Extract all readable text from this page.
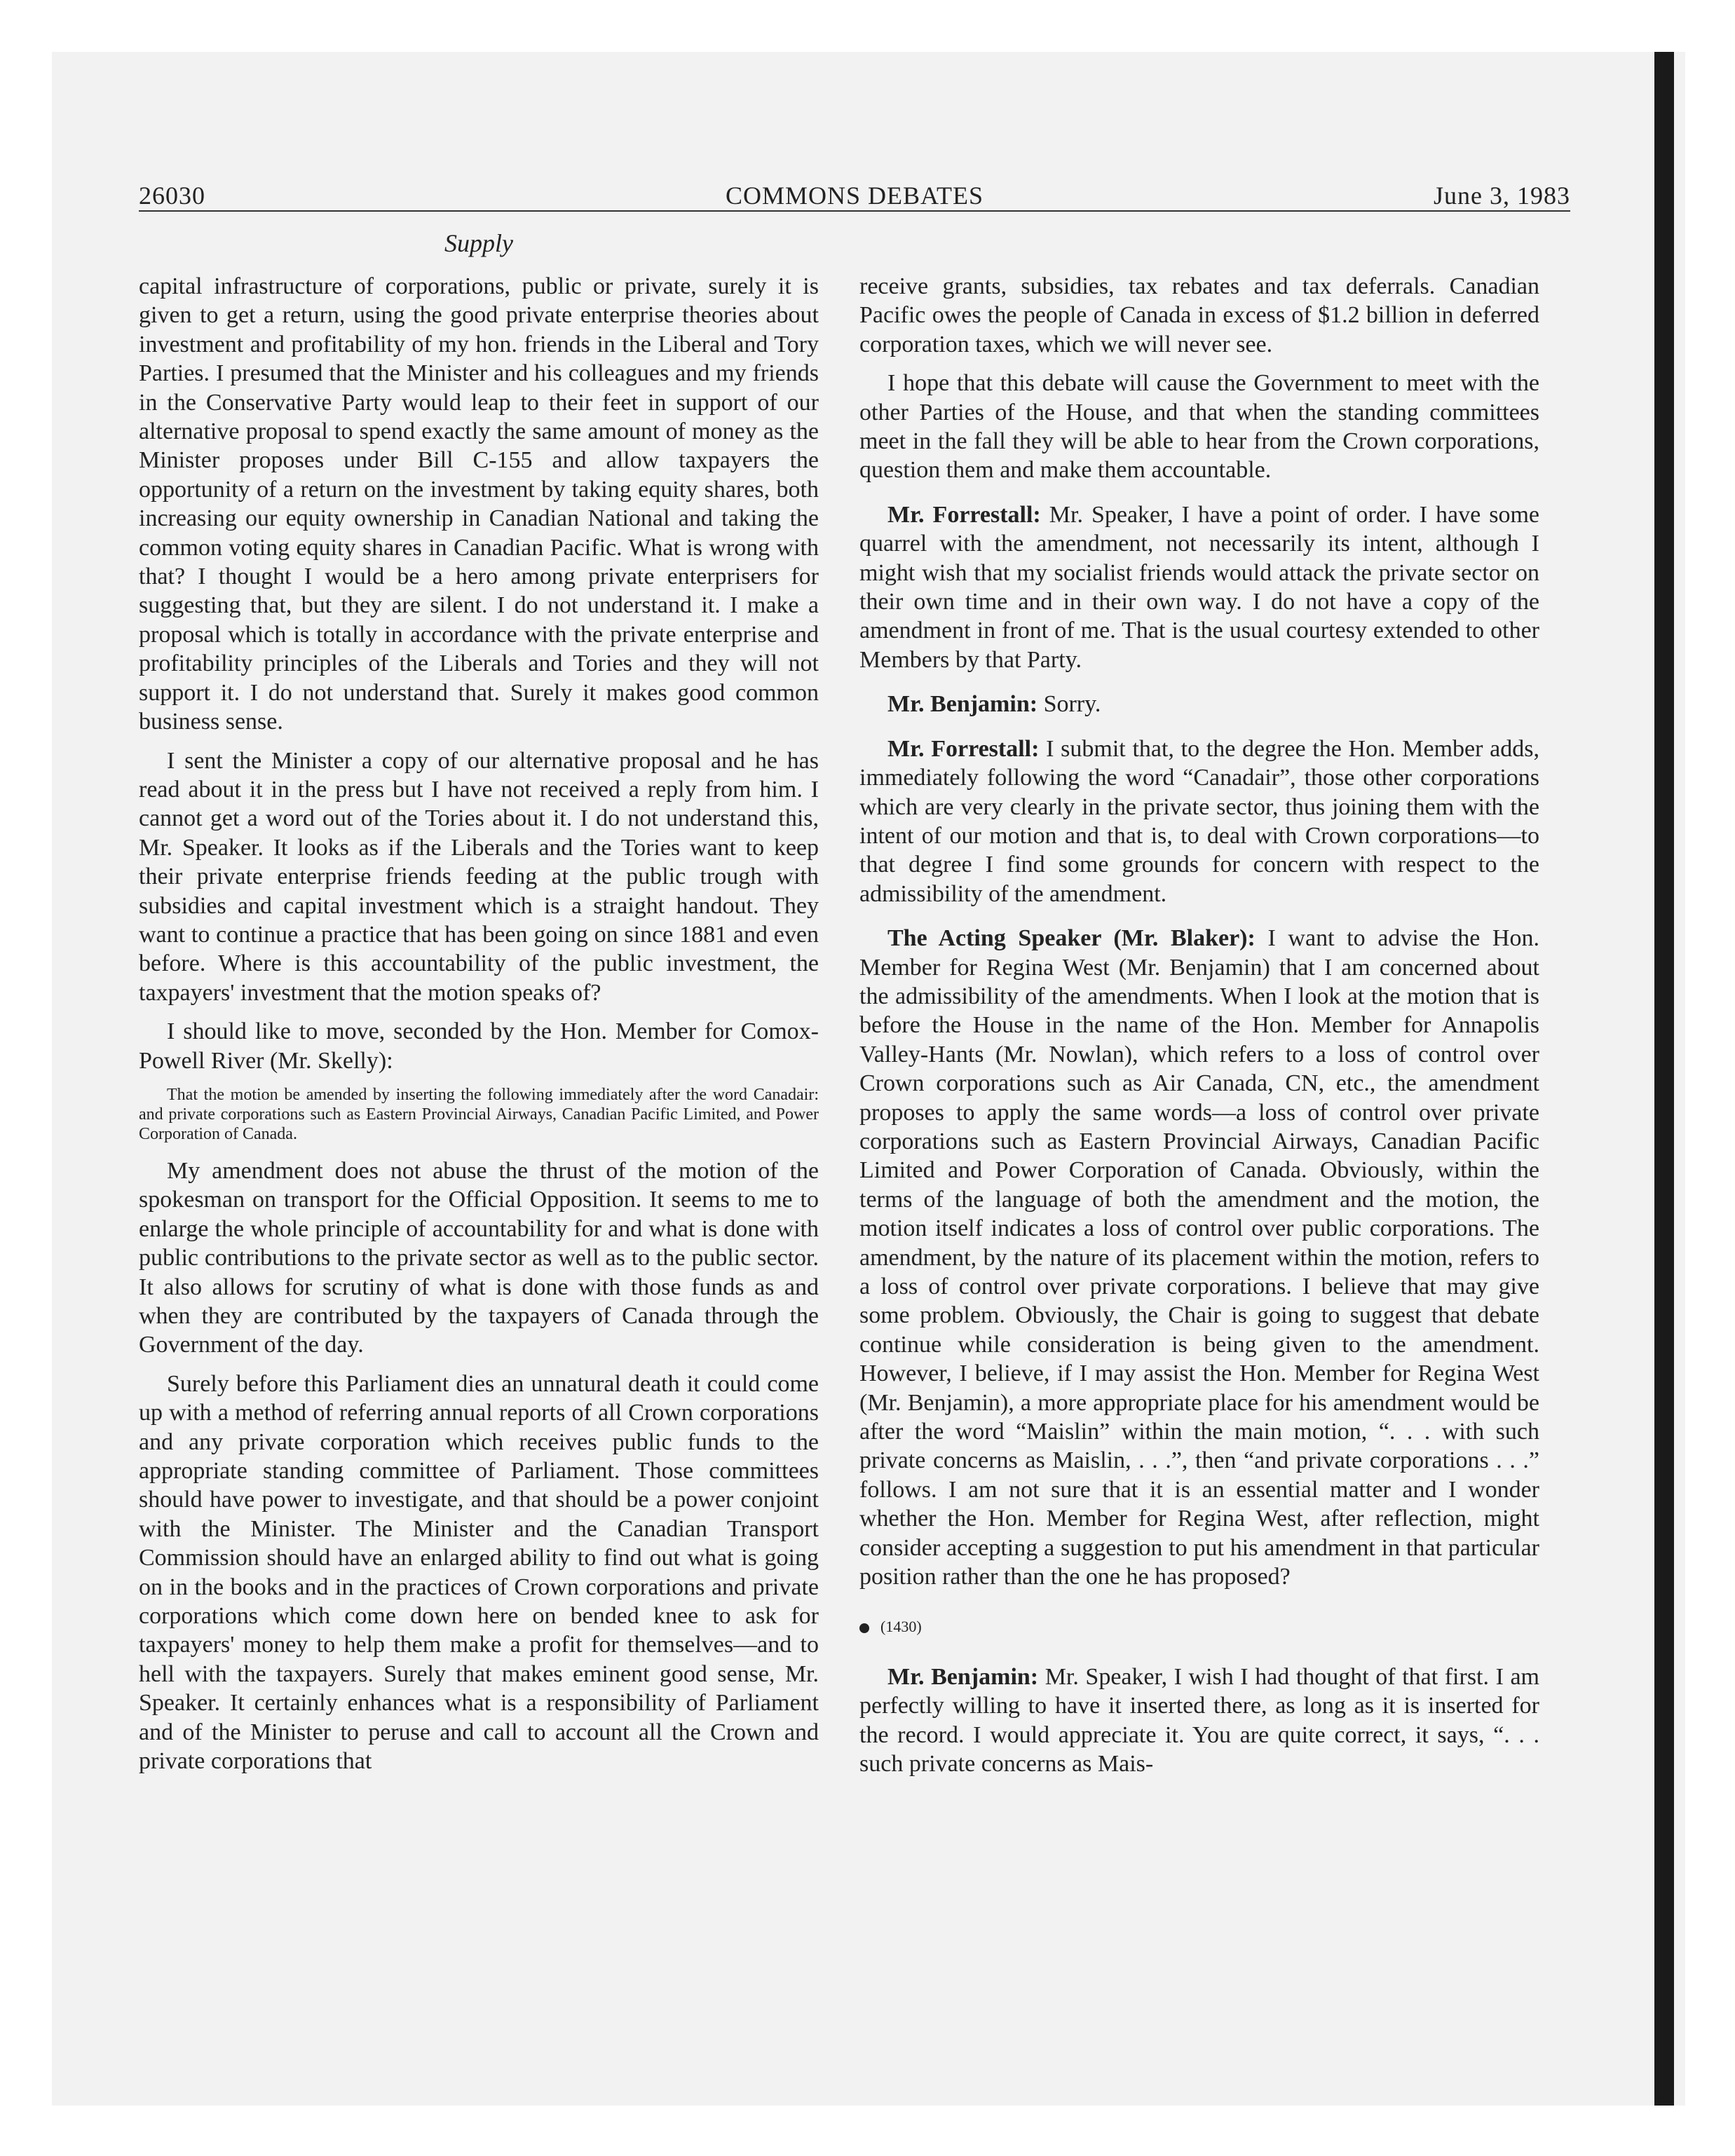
26030	COMMONS DEBATES	June 3, 1983
Supply

capital infrastructure of corporations, public or private, surely it is given to get a return, using the good private enterprise theories about investment and profitability of my hon. friends in the Liberal and Tory Parties. I presumed that the Minister and his colleagues and my friends in the Conservative Party would leap to their feet in support of our alternative proposal to spend exactly the same amount of money as the Minister proposes under Bill C-155 and allow taxpayers the opportunity of a return on the investment by taking equity shares, both increasing our equity ownership in Canadian National and taking the common voting equity shares in Canadian Pacific. What is wrong with that? I thought I would be a hero among private enterprisers for suggesting that, but they are silent. I do not understand it. I make a proposal which is totally in accordance with the private enterprise and profitability principles of the Liberals and Tories and they will not support it. I do not understand that. Surely it makes good common business sense.

I sent the Minister a copy of our alternative proposal and he has read about it in the press but I have not received a reply from him. I cannot get a word out of the Tories about it. I do not understand this, Mr. Speaker. It looks as if the Liberals and the Tories want to keep their private enterprise friends feeding at the public trough with subsidies and capital investment which is a straight handout. They want to continue a practice that has been going on since 1881 and even before. Where is this accountability of the public investment, the taxpayers' investment that the motion speaks of?

I should like to move, seconded by the Hon. Member for Comox-Powell River (Mr. Skelly):

That the motion be amended by inserting the following immediately after the word Canadair: and private corporations such as Eastern Provincial Airways, Canadian Pacific Limited, and Power Corporation of Canada.

My amendment does not abuse the thrust of the motion of the spokesman on transport for the Official Opposition. It seems to me to enlarge the whole principle of accountability for and what is done with public contributions to the private sector as well as to the public sector. It also allows for scrutiny of what is done with those funds as and when they are contributed by the taxpayers of Canada through the Government of the day.

Surely before this Parliament dies an unnatural death it could come up with a method of referring annual reports of all Crown corporations and any private corporation which receives public funds to the appropriate standing committee of Parliament. Those committees should have power to investigate, and that should be a power conjoint with the Minister. The Minister and the Canadian Transport Commission should have an enlarged ability to find out what is going on in the books and in the practices of Crown corporations and private corporations which come down here on bended knee to ask for taxpayers' money to help them make a profit for themselves—and to hell with the taxpayers. Surely that makes eminent good sense, Mr. Speaker. It certainly enhances what is a responsibility of Parliament and of the Minister to peruse and call to account all the Crown and private corporations that

receive grants, subsidies, tax rebates and tax deferrals. Canadian Pacific owes the people of Canada in excess of $1.2 billion in deferred corporation taxes, which we will never see.

I hope that this debate will cause the Government to meet with the other Parties of the House, and that when the standing committees meet in the fall they will be able to hear from the Crown corporations, question them and make them accountable.

Mr. Forrestall: Mr. Speaker, I have a point of order. I have some quarrel with the amendment, not necessarily its intent, although I might wish that my socialist friends would attack the private sector on their own time and in their own way. I do not have a copy of the amendment in front of me. That is the usual courtesy extended to other Members by that Party.

Mr. Benjamin: Sorry.

Mr. Forrestall: I submit that, to the degree the Hon. Member adds, immediately following the word “Canadair”, those other corporations which are very clearly in the private sector, thus joining them with the intent of our motion and that is, to deal with Crown corporations—to that degree I find some grounds for concern with respect to the admissibility of the amendment.

The Acting Speaker (Mr. Blaker): I want to advise the Hon. Member for Regina West (Mr. Benjamin) that I am concerned about the admissibility of the amendments. When I look at the motion that is before the House in the name of the Hon. Member for Annapolis Valley-Hants (Mr. Nowlan), which refers to a loss of control over Crown corporations such as Air Canada, CN, etc., the amendment proposes to apply the same words—a loss of control over private corporations such as Eastern Provincial Airways, Canadian Pacific Limited and Power Corporation of Canada. Obviously, within the terms of the language of both the amendment and the motion, the motion itself indicates a loss of control over public corporations. The amendment, by the nature of its placement within the motion, refers to a loss of control over private corporations. I believe that may give some problem. Obviously, the Chair is going to suggest that debate continue while consideration is being given to the amendment. However, I believe, if I may assist the Hon. Member for Regina West (Mr. Benjamin), a more appropriate place for his amendment would be after the word “Maislin” within the main motion, “. . . with such private concerns as Maislin, . . .”, then “and private corporations . . .” follows. I am not sure that it is an essential matter and I wonder whether the Hon. Member for Regina West, after reflection, might consider accepting a suggestion to put his amendment in that particular position rather than the one he has proposed?

(1430)

Mr. Benjamin: Mr. Speaker, I wish I had thought of that first. I am perfectly willing to have it inserted there, as long as it is inserted for the record. I would appreciate it. You are quite correct, it says, “. . . such private concerns as Mais-
